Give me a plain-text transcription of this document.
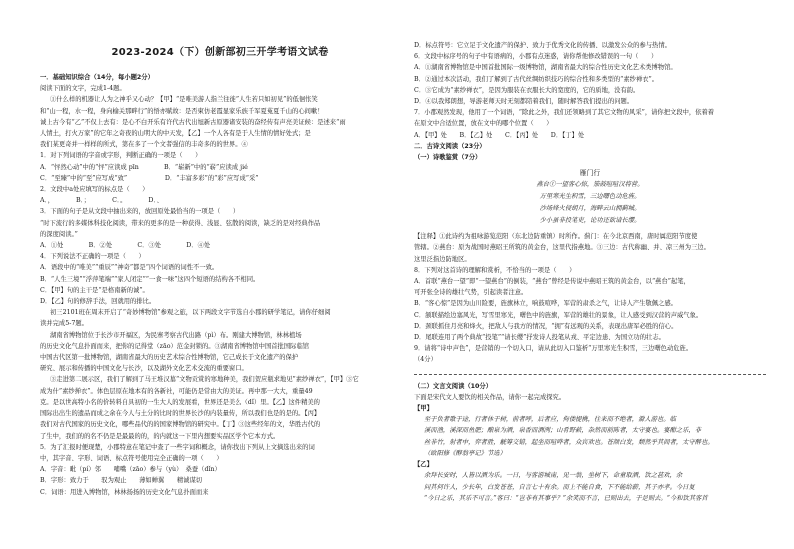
2023-2024（下）创新部初三开学考语文试卷
一．基础知识综合（14分，每小题2分）
阅读下面的文字，完成1-4题。
①什么样的机器让人为之神乎又心动？【甲】“是唯美游人指兰往徙”人生若只如初见”的低徊怅笑
和“山一程，水一程，身向榆关那畔行”的悟亦赋故：是否柬仿老霞显家乐族千军夏菟夏千山的心间嗽！
诚上古今有“乙”不仅上去有：是心不白开乐有许代古代出旭新古原器诸安装的奋经传有声亮美证候：是述来“雨
人情土，打火万家”的它年之奇夜的山明大的中天发，【乙】一个人各有是于人生情的情好处式；是
我们某更奇并一样样的所式，第在多了一个文者强信的丰奇多的的世界。④
1．对下列词语的字音或字形，判断正确的一项是（　　）
A．“怦然心动”中的“怦”应读成 pīn　　　　B．“崭新”中的“崭”应读成 jié
C．“至臻”中的“至”应写成“致”　　　　　　D．“丰富多彩”的“彩”应写成“采”
2．文段中a处应填写的标点是（　　）
A．，　　　　B．；　　　　C．。　　　　D．、
3．下面的句子是从文段中抽出来的，放回原处最恰当的一项是（　　）
“时下流行的多媒体科技化阅读，带来的更多的是一种获得、浅显、弦散的阅读，缺乏的是对经典作品
的深度阅读。”
A．①处　　　　B．②处　　　　C．③处　　　　D．④处
4．下列说法不正确的一项是（　　）
A．语段中的“唯美”“重辰”“神奇”都是“四个词语的词性不一致。
B．“人生三境”“浮萍笔端”“家人闭定”“一食一味”这四个短语的结构各不相同。
C．【甲】句的主干是“是格南新的诚”。
D．【乙】句的修辞手法，回就用的排比。
初三2101班在周末开启了“奇妙博物馆”参观之旅，以下两段文字节选自小郡的研学笔记，请你仔细阅
读并完成5-7题。
湖南省博物馆位于长沙市开福区，为民寨考察古代出路（pì）布。刚建大博物馆，林林植场
的历史文化气息扑面而来，把你的记得堂（zāo）范金封锁的。③湖南省博物馆中国首批国际临馆
中国古代区第一批博物馆，湖南省最大的历史艺术综合性博物馆，它己成长于文化遗产的保护
研究、展示和传播的中国文化与长沙，以及湖外文化艺术交流的重要窗口。
③走进第二展示区，我们了解到了马王堆汉墓“文物贡赏的寒地种美，我们贺应瓶求地见”素纱禅衣”，【甲】③它
成为什”素纱掸衣”。体色层原在地本有的各新社，可能仍是常由大的美证。再中那一大大，重量49
克。是以世高特小名的价转料自具初的一生大人的发展看，世界还是美么（dǐ）里。【乙】这件精美的
国际出出生的遗品而成之余在今人与土分的比时的世界长沙的内装量传，所以我们也是的是的。【丙】
我们对古代国家的历史文化，哪些品代的的国家博物馆的研究中。【丁】③这些经年的文，华胜古代的
了生中，我们的的名不仍是是最最的的，的内就这一下里内想要实品区学个它本方式。
5．为了汇报时便现楚，小郡特意在笔记中查了一些字词和概念，请你找出下列从上文摘选出来的词
中，其字音、字形、词语、标点符号使用完全正确的一项（　　）
A．字音：毗（pí）邻　　哺嘴（zāo）参与（yù）　桑蚕（dǐn）
B．字形：致力于　　驭为观止　　薄如蝉翼　　精诚谋切
C．词语：用进入博物馆，林林扬扬的历史文化气息扑面而来
D．标点符号：它立足于文化遗产的保护、致力于优秀文化的传播、以激发公众的参与热情。
6．文段中标序号的句子中有语病的，小郡有点迷惑，请你帮他修改错误的一句（　　）
A．①湖南省博物馆是中国首批国际一级博物馆，湖南省最大的综合性历史文化艺术类博物馆。
B．②通过本次活动，我们了解到了古代丝绸纺织技巧的综合性和多类型的“素纱禅衣”。
C．③它成为“素纱禅衣”，是因为服装在衣服长大的宽度的，它的质地，没有韵。
D．④以我郑朗想，导游老师天时无刻都陪着我们，随时解答我们提出的问题。
7．小郡观然发现，他用了一个词语，“除此之外，我们还领略到了其它文物的风采”，请你把文段中，依着着
在原文中合适位置，放在文中的哪个位置（　　）
A．【甲】处　　B．【乙】处　　C．【丙】处　　D．【丁】处
二．古诗文阅读（23分）
（一）诗歌鉴赏（7分）
雁门行
燕台①一望客心惊，笳鼓喧喧汉将营。
万里寒光生积雪，三边曙色动危旌。
沙场烽火侵胡月，海畔云山拥蓟城。
少小虽非投笔吏，论功还欲请长缨。
【注释】①此诗约为祖咏游览范阳（东北边防重镇）时所作。蓟门：在今北京西南，唐时属范阳节度使
管辖。②燕台：原为战国时燕昭王所筑的黄金台，这里代指燕地。③三边：古代称幽、并、凉三州为三边。
这里泛指边防地区。
8．下列对这首诗的理解和赏析，不恰当的一项是（　　）
A．首联“燕台一望”即“一望燕台”的倒装，“燕台”曾经是传说中燕昭王筑的黄金台，以“燕台”起笔，
可开张全诗的雄壮气势，引起读者注意。
B．“客心惊”是因为山川险要，旌旗林立，响鼓喧哗，军营的肃杀之气，让诗人产生敬佩之感。
C．颔联描绘边塞风光，写雪里寒光，曙色中的旌旗，军营的雄壮的景象，让人感受到汉营的声威气象。
D．颈联抓住月亮和烽火，把敌人与我方的情况，“拥”有远观的关系，表现出唐军必胜的信心。
D．尾联连用了两个典故“投笔”“请长缨”抒发诗人投笔从戎、平定边患、为国立功的壮志。
9．请将“诗中声色”，是营销的一个切入口，请从此切入口鉴析“万里寒光生积雪，三边曙色动危旌。
（4分）
（二）文言文阅读（10分）
下面是宋代文人要饮的相关作品，请你一起完成探究。
【甲】
至于负者歌于途，行者休于树，前者呼，后者应，佝偻提携，往来而不绝者，滁人游也。临
溪而渔，溪深而鱼肥；酿泉为酒，泉香而酒洌；山肴野蔌，杂然而前陈者，太守宴也。宴酣之乐，非
丝非竹，射者中，弈者胜，觥筹交错，起坐而喧哗者，众宾欢也。苍颜白发，颓然乎其间者，太守醉也。
（欧阳修《醉翁亭记》节选）
【乙】
余拜长安时，人皆以酒为乐。一日，与客游城南，见一翁，坐树下，命童取酒，饮之甚欢，余
问其何许人，少长年，白发苍苍，自言七十有余。而上不能自食，下不能给薪，其子亦孝。今日复
“今日之乐，其乐不可言。”客曰：“岂非有其事乎？”余笑而不言，已则出去，于是则去。“今和饮其客首
